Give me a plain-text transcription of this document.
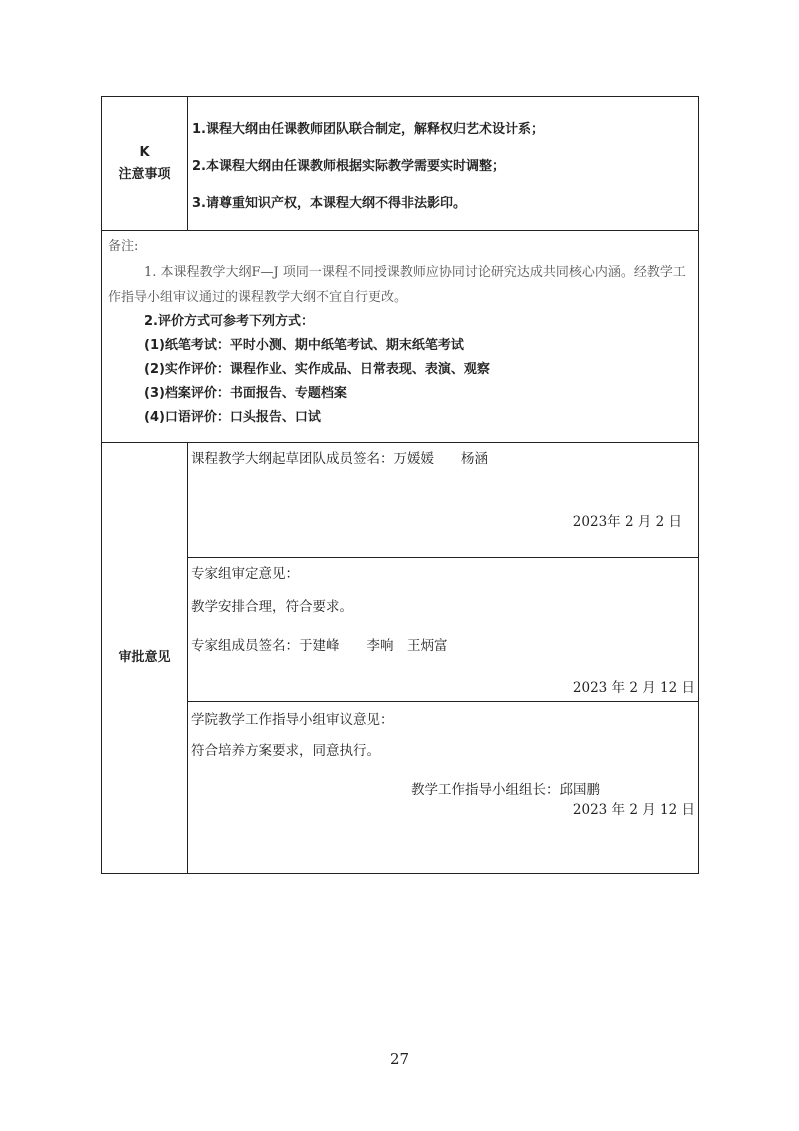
K
注意事项
1.课程大纲由任课教师团队联合制定，解释权归艺术设计系；
2.本课程大纲由任课教师根据实际教学需要实时调整；
3.请尊重知识产权，本课程大纲不得非法影印。
备注:
1. 本课程教学大纲F—J 项同一课程不同授课教师应协同讨论研究达成共同核心内涵。经教学工作指导小组审议通过的课程教学大纲不宜自行更改。
2.评价方式可参考下列方式：
(1)纸笔考试：平时小测、期中纸笔考试、期末纸笔考试
(2)实作评价：课程作业、实作成品、日常表现、表演、观察
(3)档案评价：书面报告、专题档案
(4)口语评价：口头报告、口试
审批意见
课程教学大纲起草团队成员签名：万媛媛　　杨涵
2023年 2 月 2 日
专家组审定意见：
教学安排合理，符合要求。
专家组成员签名：于建峰　　李响　王炳富
2023 年 2 月 12 日
学院教学工作指导小组审议意见：
符合培养方案要求，同意执行。
教学工作指导小组组长：邱国鹏
2023 年 2 月 12 日
27
